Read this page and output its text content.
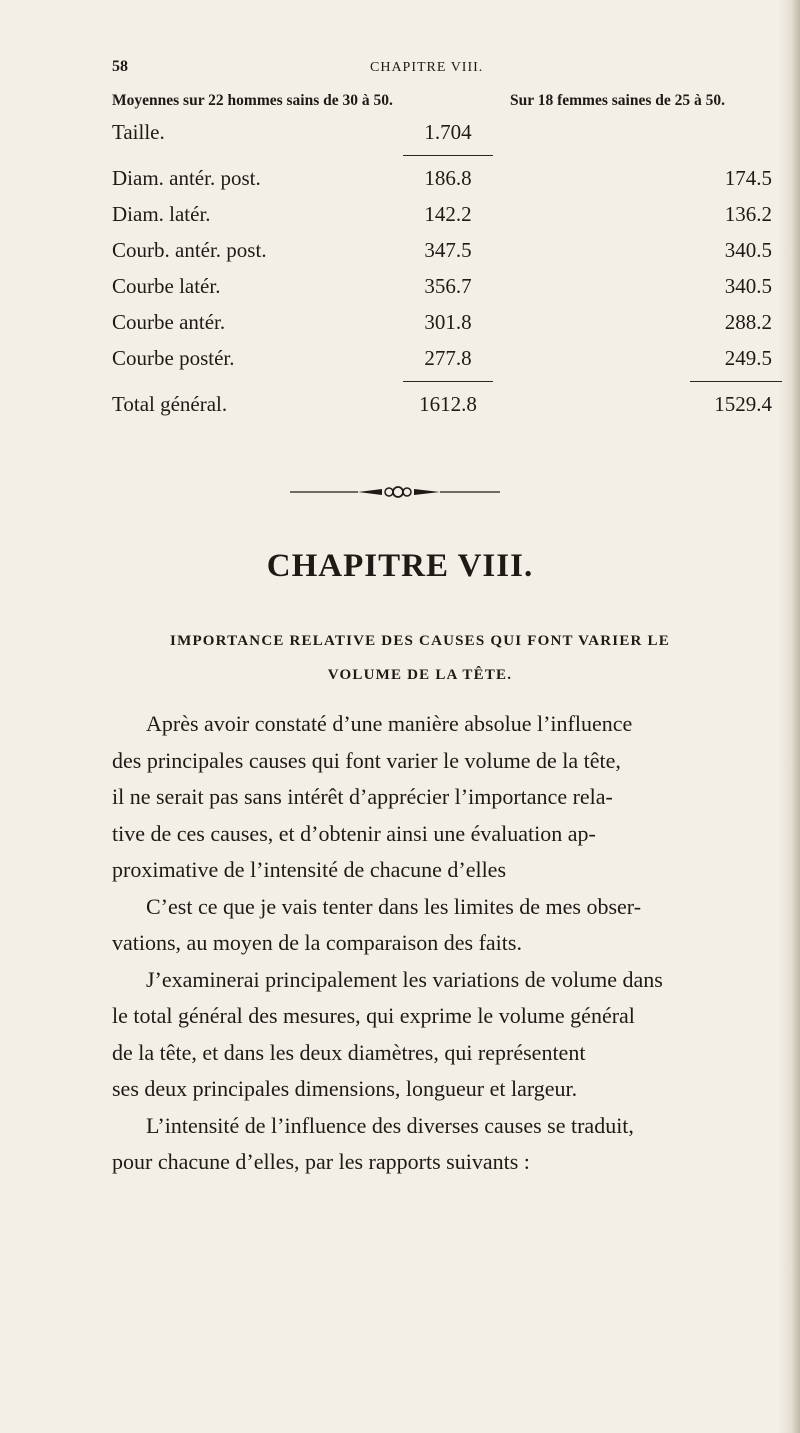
58	CHAPITRE VIII.
Moyennes sur 22 hommes sains de 30 à 50.	Sur 18 femmes saines de 25 à 50.
Taille.	1.704	

Diam. antér. post.	186.8	174.5
Diam. latér.	142.2	136.2
Courb. antér. post.	347.5	340.5
Courbe latér.	356.7	340.5
Courbe antér.	301.8	288.2
Courbe postér.	277.8	249.5

Total général.	1612.8	1529.4
CHAPITRE VIII.
IMPORTANCE RELATIVE DES CAUSES QUI FONT VARIER LE
VOLUME DE LA TÊTE.

Après avoir constaté d’une manière absolue l’influence
des principales causes qui font varier le volume de la tête,
il ne serait pas sans intérêt d’apprécier l’importance rela-
tive de ces causes, et d’obtenir ainsi une évaluation ap-
proximative de l’intensité de chacune d’elles

C’est ce que je vais tenter dans les limites de mes obser-
vations, au moyen de la comparaison des faits.

J’examinerai principalement les variations de volume dans
le total général des mesures, qui exprime le volume général
de la tête, et dans les deux diamètres, qui représentent
ses deux principales dimensions, longueur et largeur.

L’intensité de l’influence des diverses causes se traduit,
pour chacune d’elles, par les rapports suivants :
